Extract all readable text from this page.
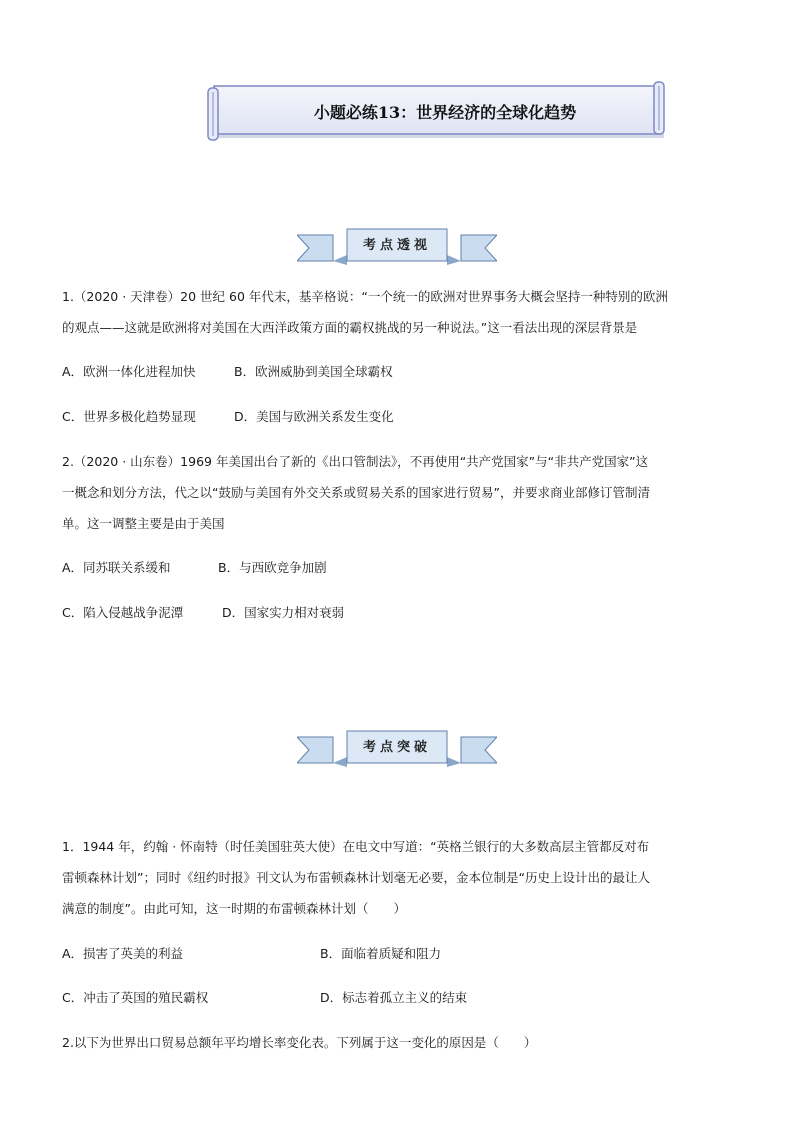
小题必练13：世界经济的全球化趋势
考点透视
1.（2020 · 天津卷）20 世纪 60 年代末，基辛格说：“一个统一的欧洲对世界事务大概会坚持一种特别的欧洲
的观点——这就是欧洲将对美国在大西洋政策方面的霸权挑战的另一种说法。”这一看法出现的深层背景是
A．欧洲一体化进程加快	B．欧洲威胁到美国全球霸权
C．世界多极化趋势显现	D．美国与欧洲关系发生变化
2.（2020 · 山东卷）1969 年美国出台了新的《出口管制法》，不再使用“共产党国家”与“非共产党国家”这
一概念和划分方法，代之以“鼓励与美国有外交关系或贸易关系的国家进行贸易”，并要求商业部修订管制清
单。这一调整主要是由于美国
A．同苏联关系缓和	B．与西欧竞争加剧
C．陷入侵越战争泥潭	D．国家实力相对衰弱
考点突破
1．1944 年，约翰 · 怀南特（时任美国驻英大使）在电文中写道：“英格兰银行的大多数高层主管都反对布
雷顿森林计划”；同时《纽约时报》刊文认为布雷顿森林计划毫无必要，金本位制是“历史上设计出的最让人
满意的制度”。由此可知，这一时期的布雷顿森林计划（　　）
A．损害了英美的利益	B．面临着质疑和阻力
C．冲击了英国的殖民霸权	D．标志着孤立主义的结束
2.以下为世界出口贸易总额年平均增长率变化表。下列属于这一变化的原因是（　　）
